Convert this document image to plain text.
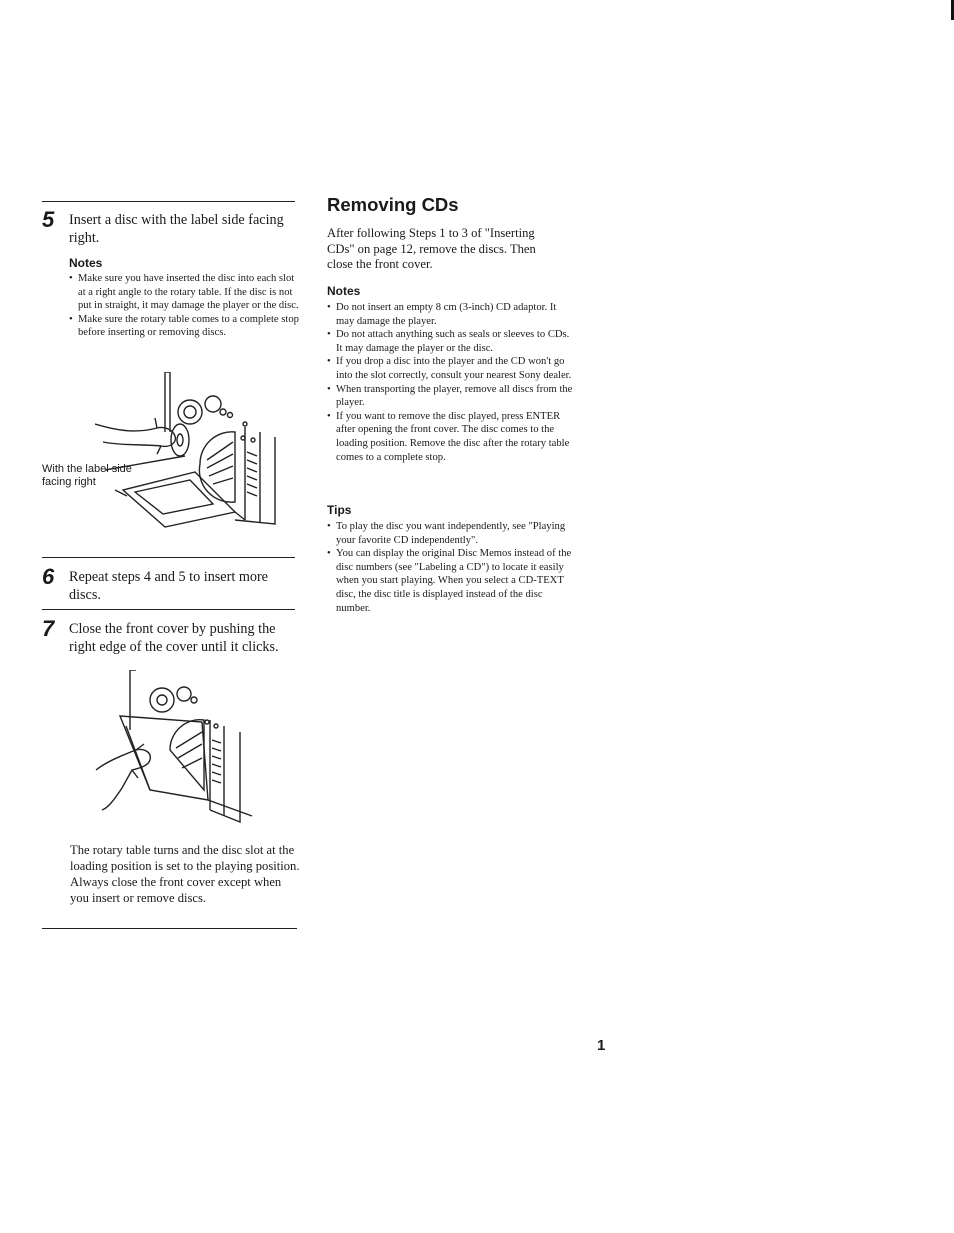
5 Insert a disc with the label side facing right.
Notes
• Make sure you have inserted the disc into each slot at a right angle to the rotary table. If the disc is not put in straight, it may damage the player or the disc.
• Make sure the rotary table comes to a complete stop before inserting or removing discs.
With the label side facing right
6 Repeat steps 4 and 5 to insert more discs.
7 Close the front cover by pushing the right edge of the cover until it clicks.
The rotary table turns and the disc slot at the loading position is set to the playing position.
Always close the front cover except when you insert or remove discs.
Removing CDs
After following Steps 1 to 3 of "Inserting CDs" on page 12, remove the discs. Then close the front cover.
Notes
• Do not insert an empty 8 cm (3-inch) CD adaptor. It may damage the player.
• Do not attach anything such as seals or sleeves to CDs. It may damage the player or the disc.
• If you drop a disc into the player and the CD won't go into the slot correctly, consult your nearest Sony dealer.
• When transporting the player, remove all discs from the player.
• If you want to remove the disc played, press ENTER after opening the front cover. The disc comes to the loading position. Remove the disc after the rotary table comes to a complete stop.
Tips
• To play the disc you want independently, see "Playing your favorite CD independently".
• You can display the original Disc Memos instead of the disc numbers (see "Labeling a CD") to locate it easily when you start playing. When you select a CD-TEXT disc, the disc title is displayed instead of the disc number.
1
